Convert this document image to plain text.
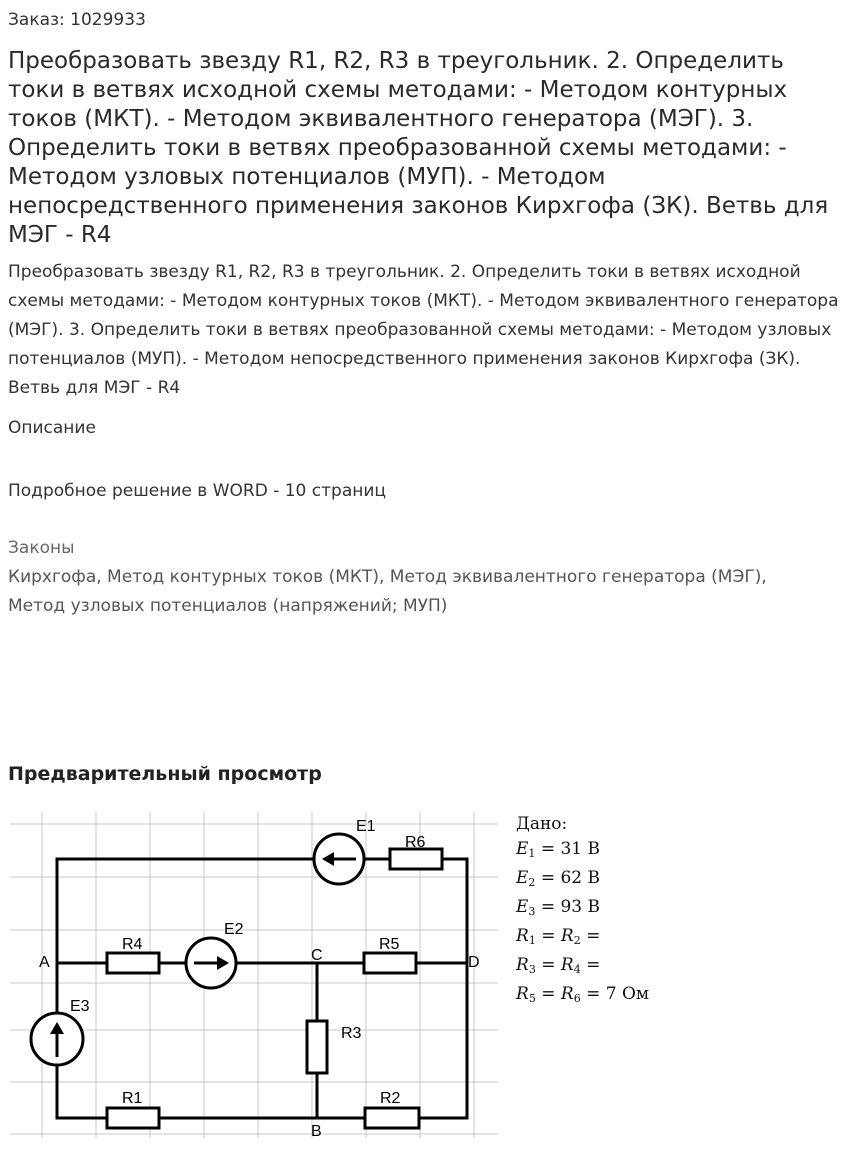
Заказ: 1029933
Преобразовать звезду R1, R2, R3 в треугольник. 2. Определить токи в ветвях исходной схемы методами: - Методом контурных токов (МКТ). - Методом эквивалентного генератора (МЭГ). 3. Определить токи в ветвях преобразованной схемы методами: - Методом узловых потенциалов (МУП). - Методом непосредственного применения законов Кирхгофа (ЗК). Ветвь для МЭГ - R4
Преобразовать звезду R1, R2, R3 в треугольник. 2. Определить токи в ветвях исходной схемы методами: - Методом контурных токов (МКТ). - Методом эквивалентного генератора (МЭГ). 3. Определить токи в ветвях преобразованной схемы методами: - Методом узловых потенциалов (МУП). - Методом непосредственного применения законов Кирхгофа (ЗК). Ветвь для МЭГ - R4
Описание
Подробное решение в WORD - 10 страниц
Законы
Кирхгофа, Метод контурных токов (МКТ), Метод эквивалентного генератора (МЭГ), Метод узловых потенциалов (напряжений; МУП)
Предварительный просмотр
E1
R6
E2
R4	R5
A	C	D
E3
R3
R1	R2
B
Дано:
$E_1 = 31$ В
$E_2 = 62$ В
$E_3 = 93$ В
$R_1 = R_2$ =
$R_3 = R_4$ =
$R_5 = R_6 = 7$ Ом
